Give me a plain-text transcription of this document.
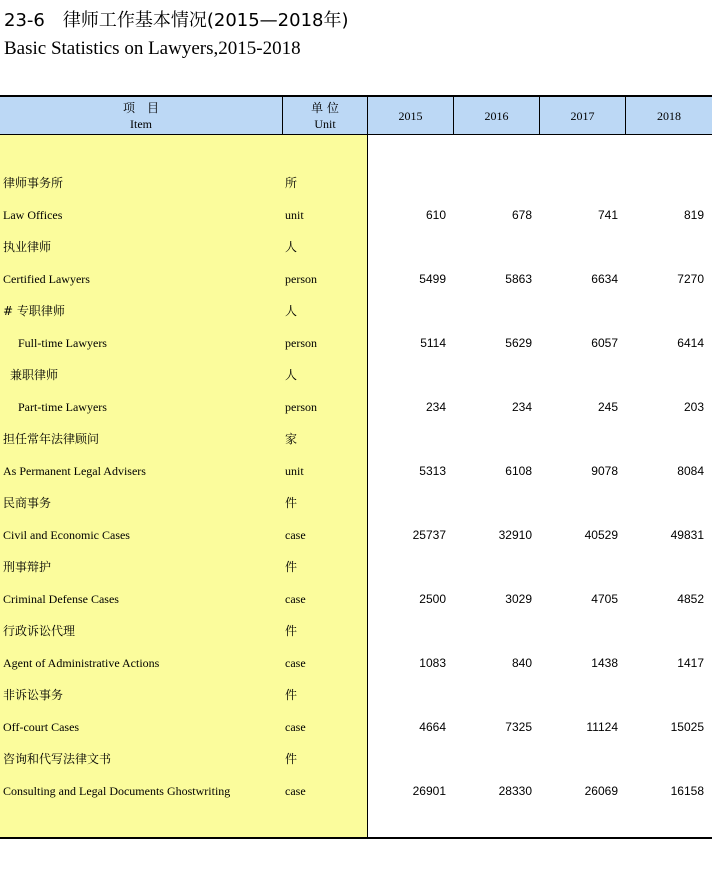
23-6　律师工作基本情况(2015—2018年)
Basic Statistics on Lawyers,2015-2018
项　目
Item
单 位
Unit
2015	2016	2017	2018
律师事务所	所
Law Offices	unit	610	678	741	819
执业律师	人
Certified Lawyers	person	5499	5863	6634	7270
# 专职律师	人
Full-time Lawyers	person	5114	5629	6057	6414
兼职律师	人
Part-time Lawyers	person	234	234	245	203
担任常年法律顾问	家
As Permanent Legal Advisers	unit	5313	6108	9078	8084
民商事务	件
Civil and Economic Cases	case	25737	32910	40529	49831
刑事辩护	件
Criminal Defense Cases	case	2500	3029	4705	4852
行政诉讼代理	件
Agent of Administrative Actions	case	1083	840	1438	1417
非诉讼事务	件
Off-court Cases	case	4664	7325	11124	15025
咨询和代写法律文书	件
Consulting and Legal Documents Ghostwriting	case	26901	28330	26069	16158
